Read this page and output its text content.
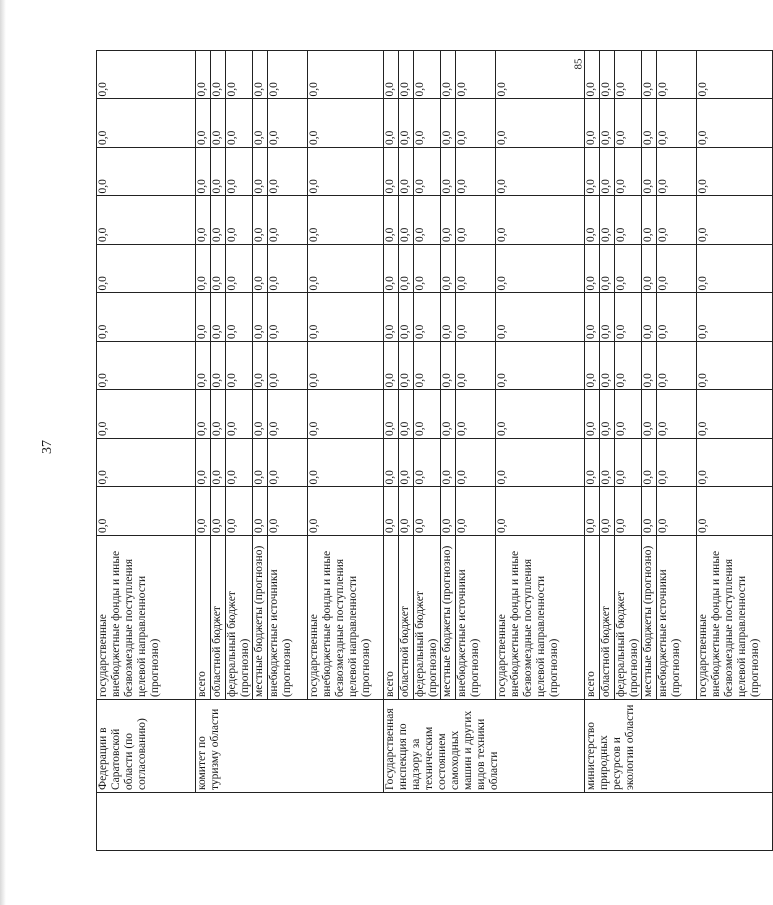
37
85
	Федерации в Саратовской области (по согласованию)	государственные внебюджетные фонды и иные безвозмездные поступления целевой направленности (прогнозно)	0,0	0,0	0,0	0,0	0,0	0,0	0,0	0,0	0,0	0,0
	комитет по туризму области	всего	0,0	0,0	0,0	0,0	0,0	0,0	0,0	0,0	0,0	0,0
		областной бюджет	0,0	0,0	0,0	0,0	0,0	0,0	0,0	0,0	0,0	0,0
		федеральный бюджет (прогнозно)	0,0	0,0	0,0	0,0	0,0	0,0	0,0	0,0	0,0	0,0
		местные бюджеты (прогнозно)	0,0	0,0	0,0	0,0	0,0	0,0	0,0	0,0	0,0	0,0
		внебюджетные источники (прогнозно)	0,0	0,0	0,0	0,0	0,0	0,0	0,0	0,0	0,0	0,0
		государственные внебюджетные фонды и иные безвозмездные поступления целевой направленности (прогнозно)	0,0	0,0	0,0	0,0	0,0	0,0	0,0	0,0	0,0	0,0
	Государственная инспекция по надзору за техническим состоянием самоходных машин и других видов техники области	всего	0,0	0,0	0,0	0,0	0,0	0,0	0,0	0,0	0,0	0,0
		областной бюджет	0,0	0,0	0,0	0,0	0,0	0,0	0,0	0,0	0,0	0,0
		федеральный бюджет (прогнозно)	0,0	0,0	0,0	0,0	0,0	0,0	0,0	0,0	0,0	0,0
		местные бюджеты (прогнозно)	0,0	0,0	0,0	0,0	0,0	0,0	0,0	0,0	0,0	0,0
		внебюджетные источники (прогнозно)	0,0	0,0	0,0	0,0	0,0	0,0	0,0	0,0	0,0	0,0
		государственные внебюджетные фонды и иные безвозмездные поступления целевой направленности (прогнозно)	0,0	0,0	0,0	0,0	0,0	0,0	0,0	0,0	0,0	0,0
	министерство природных ресурсов и экологии области	всего	0,0	0,0	0,0	0,0	0,0	0,0	0,0	0,0	0,0	0,0
		областной бюджет	0,0	0,0	0,0	0,0	0,0	0,0	0,0	0,0	0,0	0,0
		федеральный бюджет (прогнозно)	0,0	0,0	0,0	0,0	0,0	0,0	0,0	0,0	0,0	0,0
		местные бюджеты (прогнозно)	0,0	0,0	0,0	0,0	0,0	0,0	0,0	0,0	0,0	0,0
		внебюджетные источники (прогнозно)	0,0	0,0	0,0	0,0	0,0	0,0	0,0	0,0	0,0	0,0
		государственные внебюджетные фонды и иные безвозмездные поступления целевой направленности (прогнозно)	0,0	0,0	0,0	0,0	0,0	0,0	0,0	0,0	0,0	0,0
